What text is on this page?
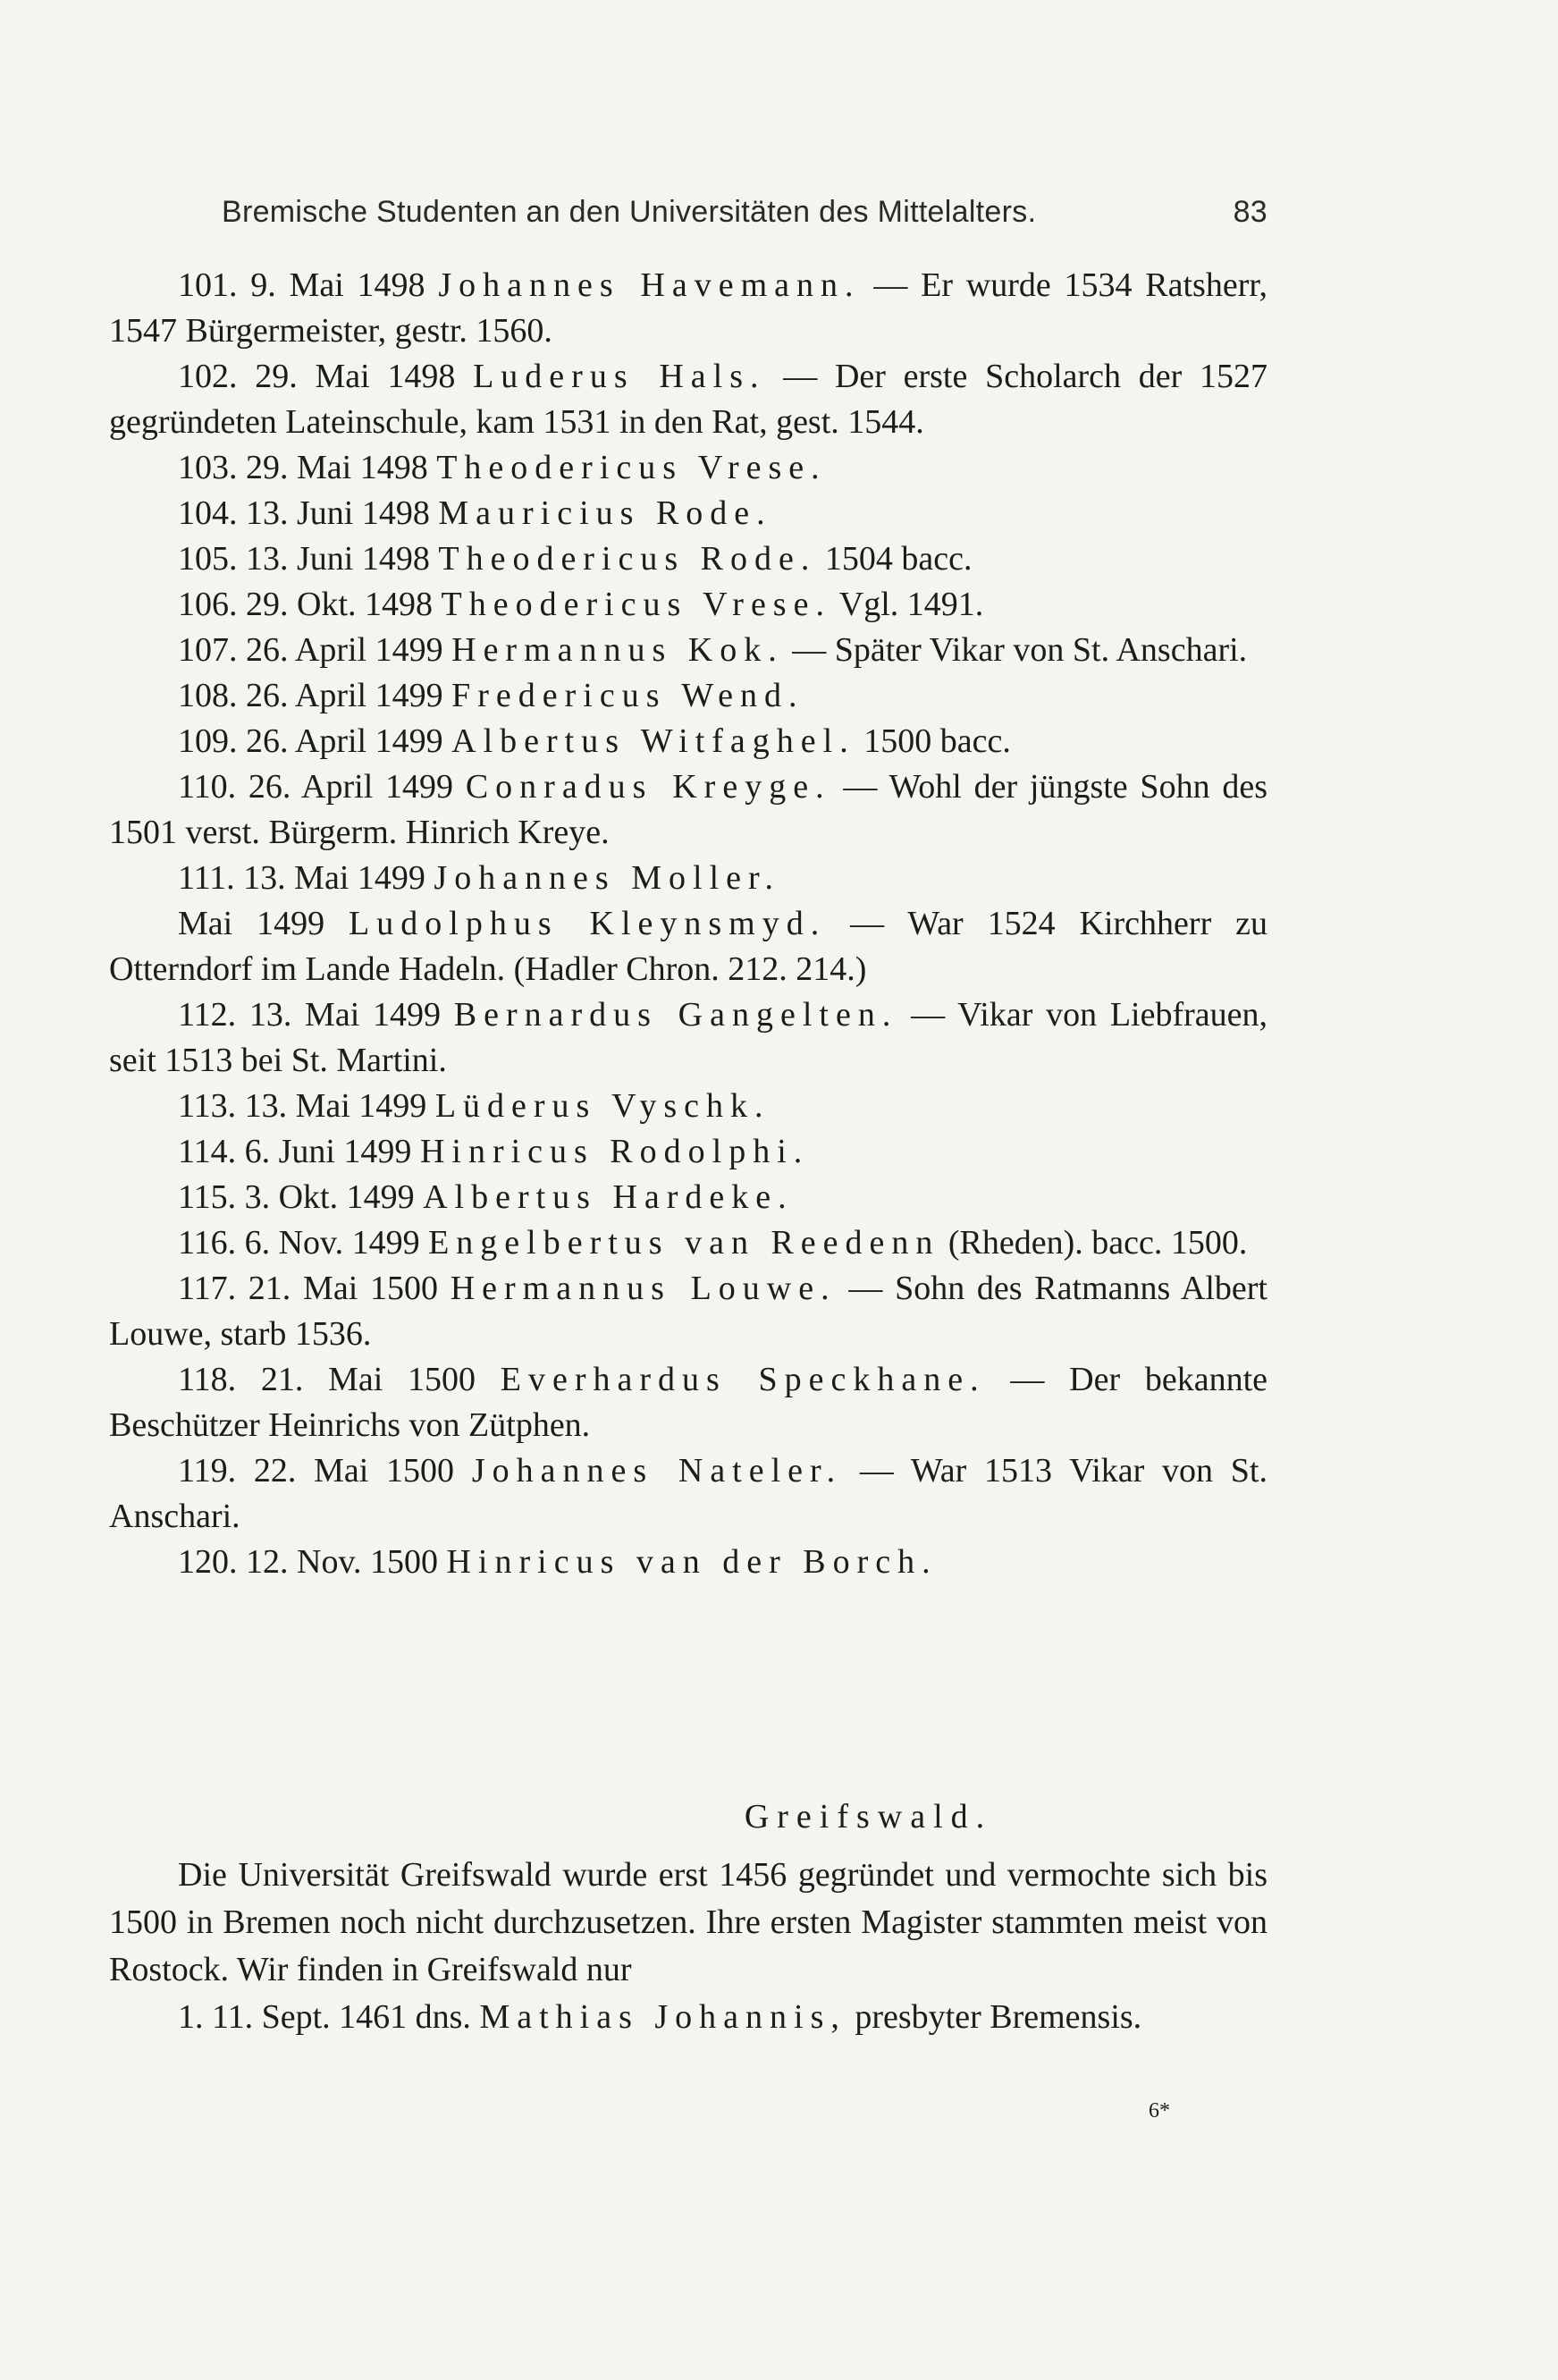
Bremische Studenten an den Universitäten des Mittelalters.	83

101. 9. Mai 1498 Johannes Havemann. — Er wurde 1534 Ratsherr, 1547 Bürgermeister, gestr. 1560.

102. 29. Mai 1498 Luderus Hals. — Der erste Scholarch der 1527 gegründeten Lateinschule, kam 1531 in den Rat, gest. 1544.

103. 29. Mai 1498 Theodericus Vrese.

104. 13. Juni 1498 Mauricius Rode.

105. 13. Juni 1498 Theodericus Rode. 1504 bacc.

106. 29. Okt. 1498 Theodericus Vrese. Vgl. 1491.

107. 26. April 1499 Hermannus Kok. — Später Vikar von St. Anschari.

108. 26. April 1499 Fredericus Wend.

109. 26. April 1499 Albertus Witfaghel. 1500 bacc.

110. 26. April 1499 Conradus Kreyge. — Wohl der jüngste Sohn des 1501 verst. Bürgerm. Hinrich Kreye.

111. 13. Mai 1499 Johannes Moller.

Mai 1499 Ludolphus Kleynsmyd. — War 1524 Kirchherr zu Otterndorf im Lande Hadeln. (Hadler Chron. 212. 214.)

112. 13. Mai 1499 Bernardus Gangelten. — Vikar von Liebfrauen, seit 1513 bei St. Martini.

113. 13. Mai 1499 Lüderus Vyschk.

114. 6. Juni 1499 Hinricus Rodolphi.

115. 3. Okt. 1499 Albertus Hardeke.

116. 6. Nov. 1499 Engelbertus van Reedenn (Rheden). bacc. 1500.

117. 21. Mai 1500 Hermannus Louwe. — Sohn des Ratmanns Albert Louwe, starb 1536.

118. 21. Mai 1500 Everhardus Speckhane. — Der bekannte Beschützer Heinrichs von Zütphen.

119. 22. Mai 1500 Johannes Nateler. — War 1513 Vikar von St. Anschari.

120. 12. Nov. 1500 Hinricus van der Borch.

Greifswald.

Die Universität Greifswald wurde erst 1456 gegründet und vermochte sich bis 1500 in Bremen noch nicht durchzusetzen. Ihre ersten Magister stammten meist von Rostock. Wir finden in Greifswald nur

1. 11. Sept. 1461 dns. Mathias Johannis, presbyter Bremensis.

6*
